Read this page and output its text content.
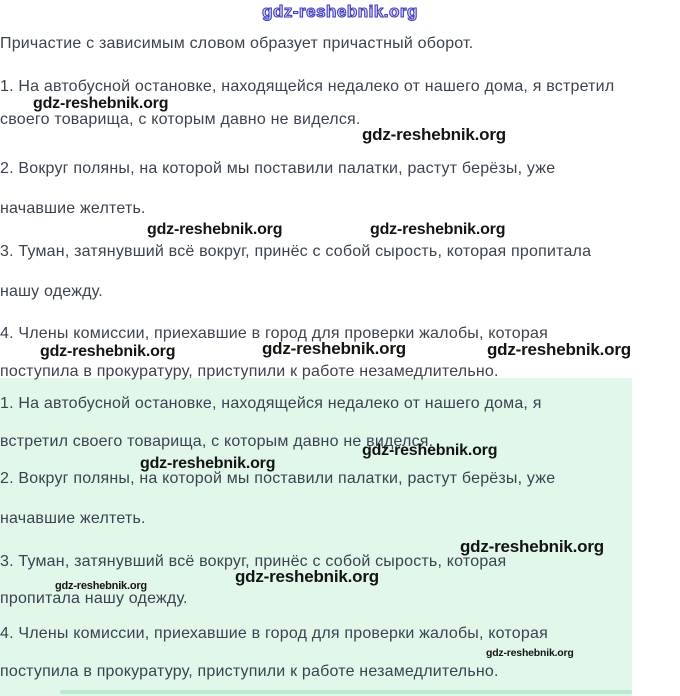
gdz-reshebnik.org
Причастие с зависимым словом образует причастный оборот.
1. На автобусной остановке, находящейся недалеко от нашего дома, я встретил
своего товарища, с которым давно не виделся.
2. Вокруг поляны, на которой мы поставили палатки, растут берёзы, уже
начавшие желтеть.
3. Туман, затянувший всё вокруг, принёс с собой сырость, которая пропитала
нашу одежду.
4. Члены комиссии, приехавшие в город для проверки жалобы, которая
поступила в прокуратуру, приступили к работе незамедлительно.
1. На автобусной остановке, находящейся недалеко от нашего дома, я
встретил своего товарища, с которым давно не виделся.
2. Вокруг поляны, на которой мы поставили палатки, растут берёзы, уже
начавшие желтеть.
3. Туман, затянувший всё вокруг, принёс с собой сырость, которая
пропитала нашу одежду.
4. Члены комиссии, приехавшие в город для проверки жалобы, которая
поступила в прокуратуру, приступили к работе незамедлительно.
gdz-reshebnik.org
gdz-reshebnik.org
gdz-reshebnik.org	gdz-reshebnik.org
gdz-reshebnik.org	gdz-reshebnik.org	gdz-reshebnik.org
gdz-reshebnik.org
gdz-reshebnik.org
gdz-reshebnik.org
gdz-reshebnik.org
gdz-reshebnik.org
gdz-reshebnik.org
